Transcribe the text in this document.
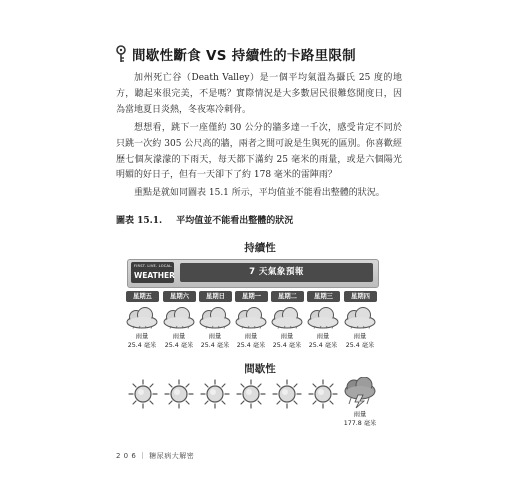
間歇性斷食 VS 持續性的卡路里限制

加州死亡谷（Death Valley）是一個平均氣溫為攝氏 25 度的地方，聽起來很完美，不是嗎？實際情況是大多數居民很難悠閒度日，因為當地夏日炎熱，冬夜寒冷刺骨。

想想看，跳下一座僅約 30 公分的牆多達一千次，感受肯定不同於只跳一次約 305 公尺高的牆，兩者之間可說是生與死的區別。你喜歡經歷七個灰濛濛的下雨天，每天都下滿約 25 毫米的雨量，或是六個陽光明媚的好日子，但有一天卻下了約 178 毫米的雷陣雨？

重點是就如同圖表 15.1 所示，平均值並不能看出整體的狀況。

圖表 15.1. 平均值並不能看出整體的狀況
持續性
FIRST. LIVE. LOCAL.
WEATHER	7 天氣象預報
星期五	星期六	星期日	星期一	星期二	星期三	星期四
雨量
25.4 毫米
雨量
25.4 毫米
雨量
25.4 毫米
雨量
25.4 毫米
雨量
25.4 毫米
雨量
25.4 毫米
雨量
25.4 毫米
間歇性
雨量
177.8 毫米
2 0 6 ｜ 糖尿病大解密
